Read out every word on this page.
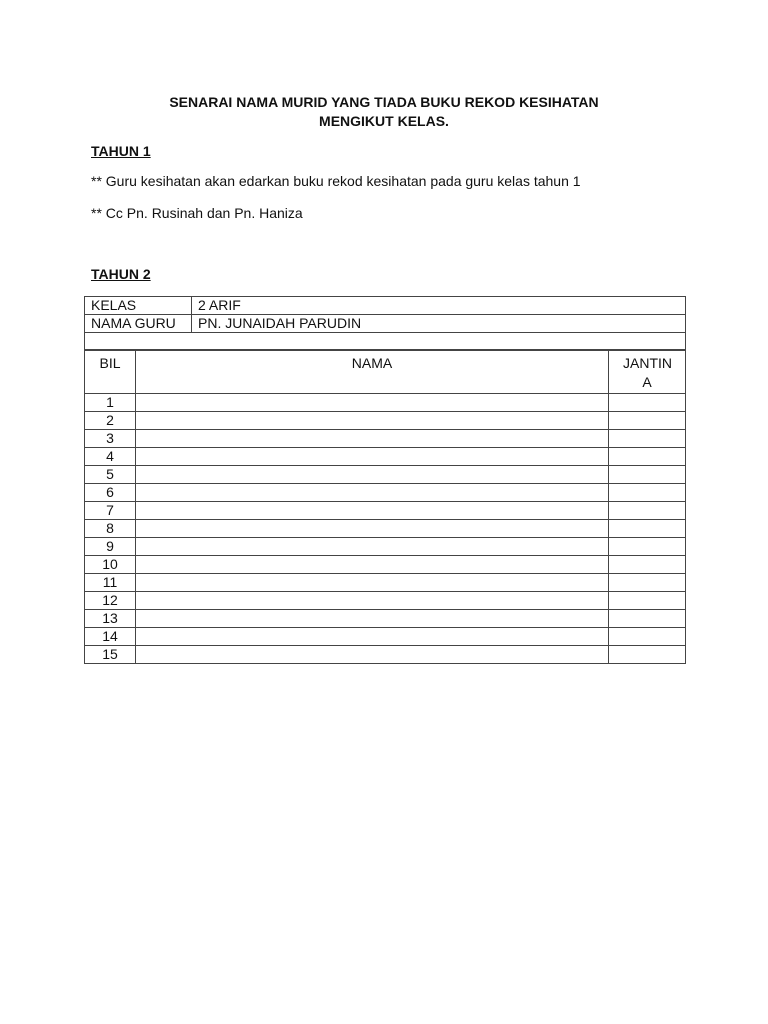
SENARAI NAMA MURID YANG TIADA BUKU REKOD KESIHATAN
MENGIKUT KELAS.
TAHUN 1
** Guru kesihatan akan edarkan buku rekod kesihatan pada guru kelas tahun 1
** Cc Pn. Rusinah dan Pn. Haniza
TAHUN 2
KELAS	2 ARIF
NAMA GURU	PN. JUNAIDAH PARUDIN

BIL	NAMA	JANTIN A
1		
2		
3		
4		
5		
6		
7		
8		
9		
10		
11		
12		
13		
14		
15		
